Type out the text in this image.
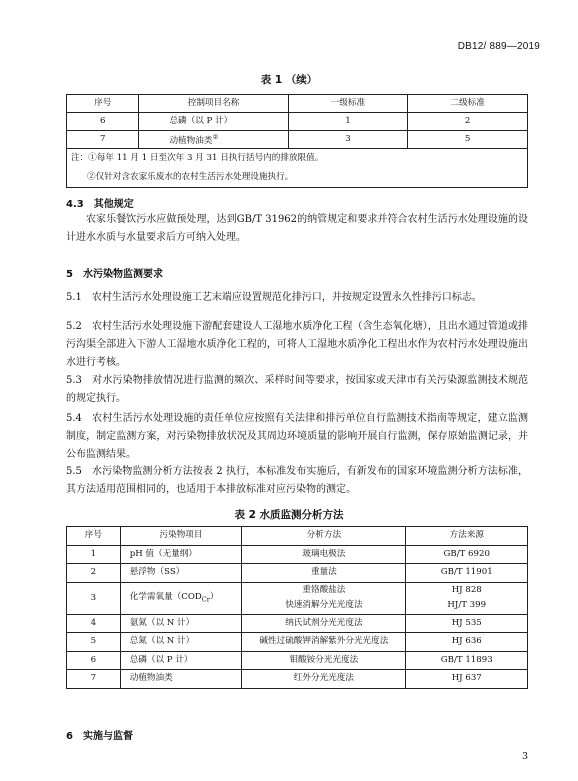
DB12/ 889—2019
表 1 （续）
序号	控制项目名称	一级标准	二级标准
6	总磷（以 P 计）	1	2
7	动植物油类②	3	5

注：①每年 11 月 1 日至次年 3 月 31 日执行括号内的排放限值。
②仅针对含农家乐废水的农村生活污水处理设施执行。			
4.3　其他规定
农家乐餐饮污水应做预处理，达到GB/T 31962的纳管规定和要求并符合农村生活污水处理设施的设计进水水质与水量要求后方可纳入处理。
5　水污染物监测要求
5.1　农村生活污水处理设施工艺末端应设置规范化排污口，并按规定设置永久性排污口标志。
5.2　农村生活污水处理设施下游配套建设人工湿地水质净化工程（含生态氧化塘），且出水通过管道或排污沟渠全部进入下游人工湿地水质净化工程的，可将人工湿地水质净化工程出水作为农村污水处理设施出水进行考核。
5.3　对水污染物排放情况进行监测的频次、采样时间等要求，按国家或天津市有关污染源监测技术规范的规定执行。
5.4　农村生活污水处理设施的责任单位应按照有关法律和排污单位自行监测技术指南等规定，建立监测制度，制定监测方案，对污染物排放状况及其周边环境质量的影响开展自行监测，保存原始监测记录，并公布监测结果。
5.5　水污染物监测分析方法按表 2 执行，本标准发布实施后，有新发布的国家环境监测分析方法标准，其方法适用范围相同的，也适用于本排放标准对应污染物的测定。
表 2 水质监测分析方法
序号	污染物项目	分析方法	方法来源
1	pH 值（无量纲）	玻璃电极法	GB/T 6920
2	悬浮物（SS）	重量法	GB/T 11901
3	化学需氧量$(COD_{Cr})$	重铬酸盐法	HJ 828
		快速消解分光光度法	HJ/T 399
4	氨氮（以 N 计）	纳氏试剂分光光度法	HJ 535
5	总氮（以 N 计）	碱性过硫酸钾消解紫外分光光度法	HJ 636
6	总磷（以 P 计）	钼酸铵分光光度法	GB/T 11893
7	动植物油类	红外分光光度法	HJ 637
6　实施与监督
3
